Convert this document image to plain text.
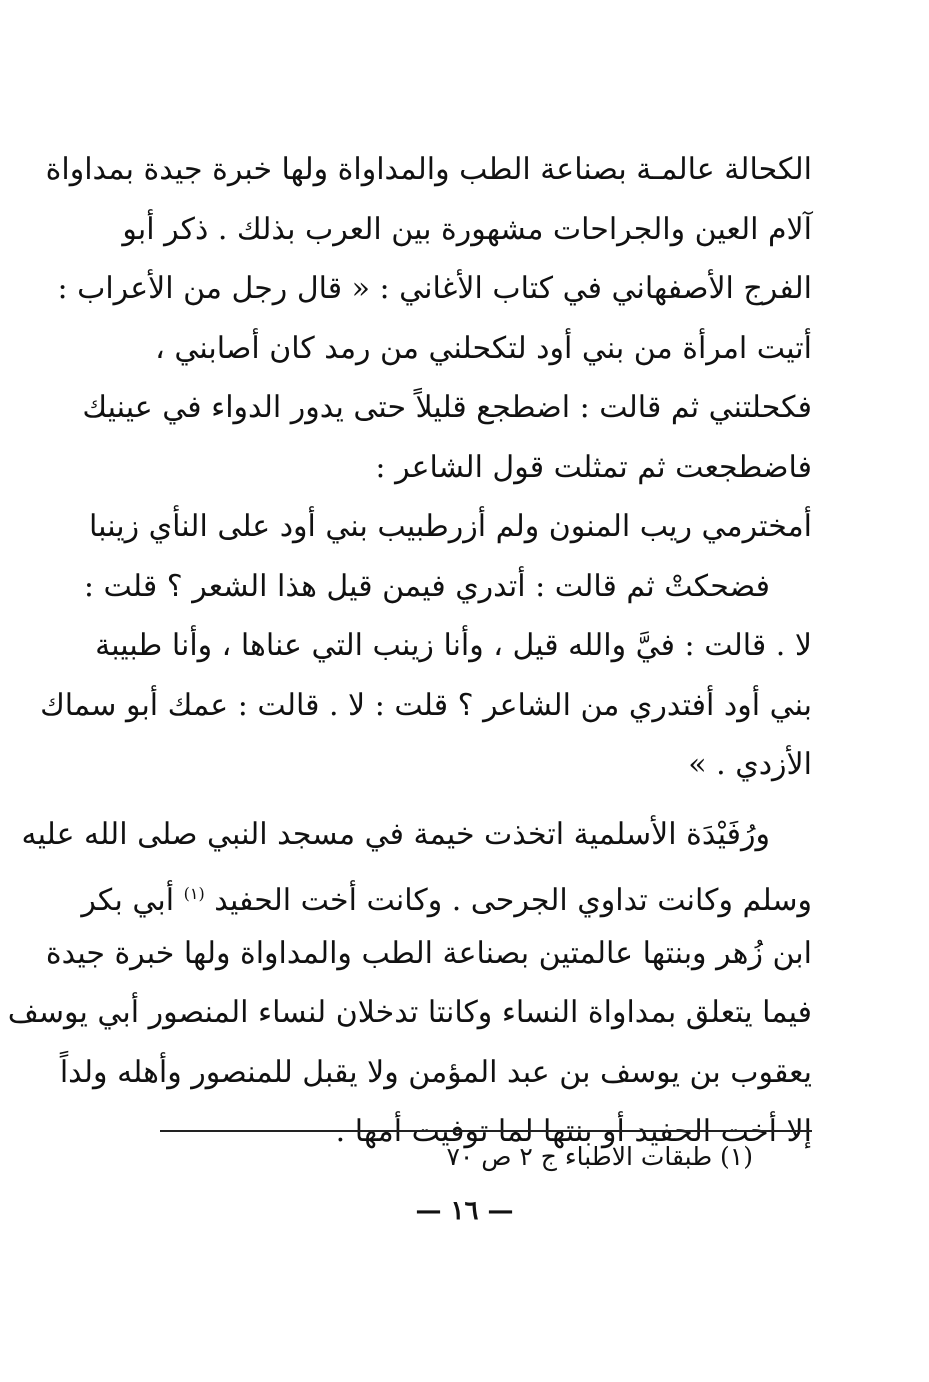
الكحالة عالمـة بصناعة الطب والمداواة ولها خبرة جيدة بمداواة
آلام العين والجراحات مشهورة بين العرب بذلك . ذكر أبو
الفرج الأصفهاني في كتاب الأغاني : « قال رجل من الأعراب :
أتيت امرأة من بني أود لتكحلني من رمد كان أصابني ،
فكحلتني ثم قالت : اضطجع قليلاً حتى يدور الدواء في عينيك
فاضطجعت ثم تمثلت قول الشاعر :
أمخترمي ريب المنون ولم أزر
طبيب بني أود على النأي زينبا
فضحكتْ ثم قالت : أتدري فيمن قيل هذا الشعر ؟ قلت :
لا . قالت : فيَّ والله قيل ، وأنا زينب التي عناها ، وأنا طبيبة
بني أود أفتدري من الشاعر ؟ قلت : لا . قالت : عمك أبو سماك
الأزدي . »
ورُفَيْدَة الأسلمية اتخذت خيمة في مسجد النبي صلى الله عليه
وسلم وكانت تداوي الجرحى . وكانت أخت الحفيد $^{(١)}$ أبي بكر
ابن زُهر وبنتها عالمتين بصناعة الطب والمداواة ولها خبرة جيدة
فيما يتعلق بمداواة النساء وكانتا تدخلان لنساء المنصور أبي يوسف
يعقوب بن يوسف بن عبد المؤمن ولا يقبل للمنصور وأهله ولداً
إلا أخت الحفيد أو بنتها لما توفيت أمها .
(١) طبقات الاطباء ج ٢ ص ٧٠
— ١٦ —
